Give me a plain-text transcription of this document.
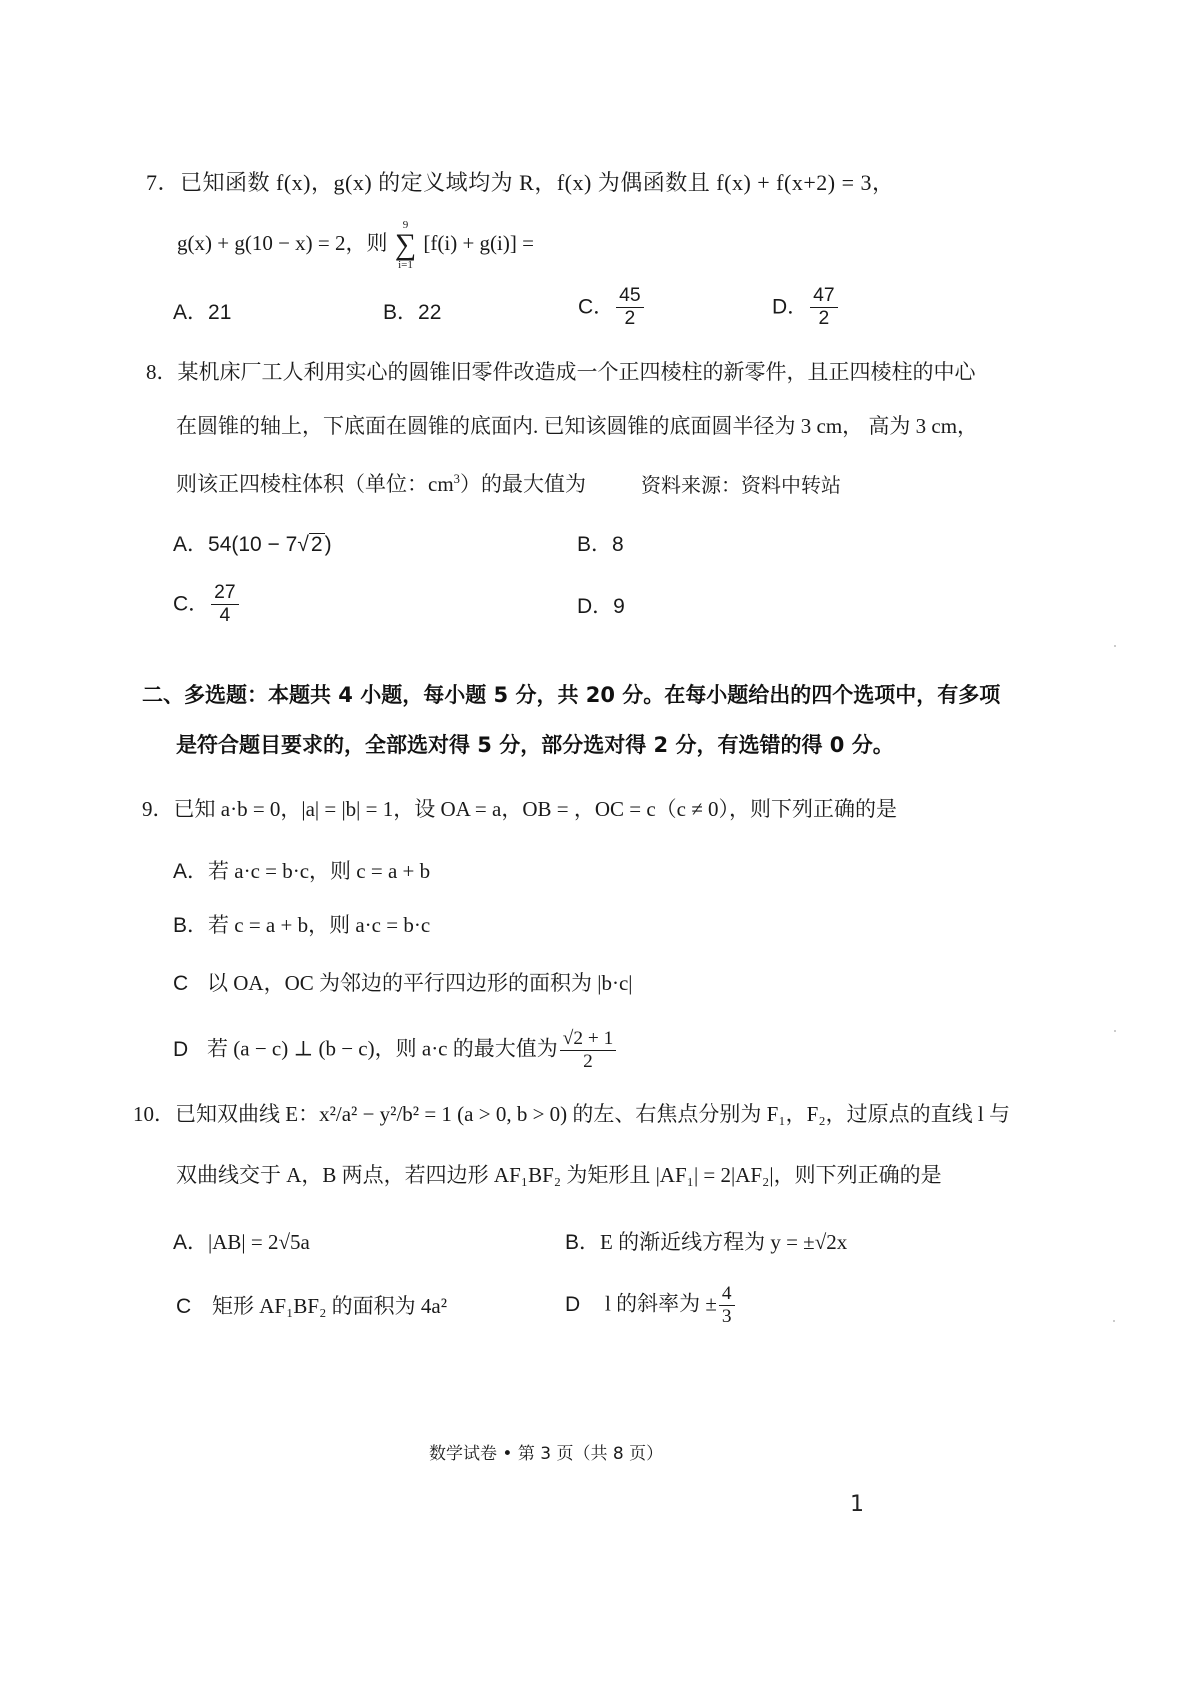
7．已知函数 f(x)，g(x) 的定义域均为 R，f(x) 为偶函数且 f(x) + f(x+2) = 3，
g(x) + g(10 − x) = 2，则
9
∑
i=1
[f(i) + g(i)] =
A．21	B．22	C． $\frac{45}{2}$	D． $\frac{47}{2}$
8．某机床厂工人利用实心的圆锥旧零件改造成一个正四棱柱的新零件，且正四棱柱的中心
在圆锥的轴上，下底面在圆锥的底面内. 已知该圆锥的底面圆半径为 3 cm， 高为 3 cm，
则该正四棱柱体积（单位：$cm^3$）的最大值为	资料来源：资料中转站
A．54(10 − 7√2)	B．8
C． $\frac{27}{4}$	D．9
二、多选题：本题共 4 小题，每小题 5 分，共 20 分。在每小题给出的四个选项中，有多项
是符合题目要求的，全部选对得 5 分，部分选对得 2 分，有选错的得 0 分。
9．已知 a·b = 0，|a| = |b| = 1，设 OA = a，OB = ，OC = c（c ≠ 0），则下列正确的是
A．若 a·c = b·c，则 c = a + b
B．若 c = a + b，则 a·c = b·c
C 以 OA，OC 为邻边的平行四边形的面积为 |b·c|
D 若 (a − c) ⊥ (b − c)，则 a·c 的最大值为 $\frac{√2 + 1}{2}$
10．已知双曲线 E：x²/a² − y²/b² = 1 (a > 0, b > 0) 的左、右焦点分别为 F₁，F₂，过原点的直线 l 与
双曲线交于 A，B 两点，若四边形 AF₁BF₂ 为矩形且 |AF₁| = 2|AF₂|，则下列正确的是
A．|AB| = 2√5a	B．E 的渐近线方程为 y = ±√2x
C 矩形 AF₁BF₂ 的面积为 4a²	D l 的斜率为 ± $\frac{4}{3}$
数学试卷 • 第 3 页（共 8 页）
1
